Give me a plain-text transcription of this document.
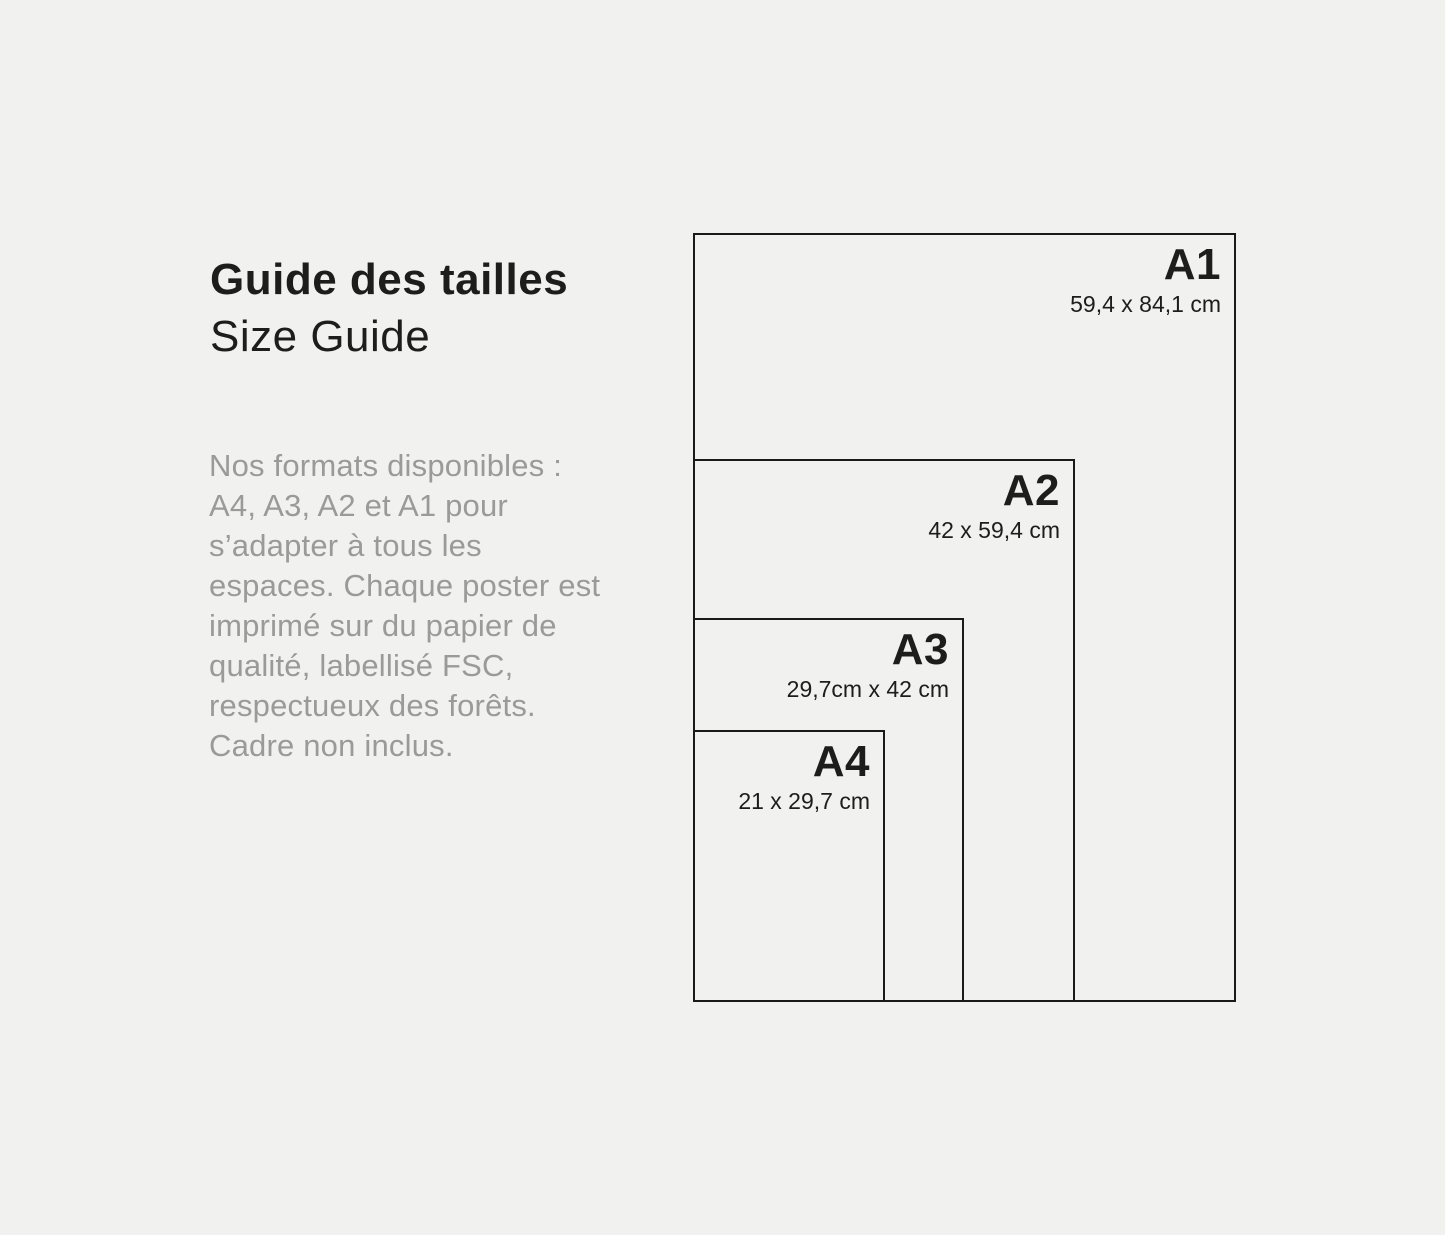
Guide des tailles
Size Guide
Nos formats disponibles :
A4, A3, A2 et A1 pour
s’adapter à tous les
espaces. Chaque poster est
imprimé sur du papier de
qualité, labellisé FSC,
respectueux des forêts.
Cadre non inclus.
A1
59,4 x 84,1 cm
A2
42 x 59,4 cm
A3
29,7cm x 42 cm
A4
21 x 29,7 cm
